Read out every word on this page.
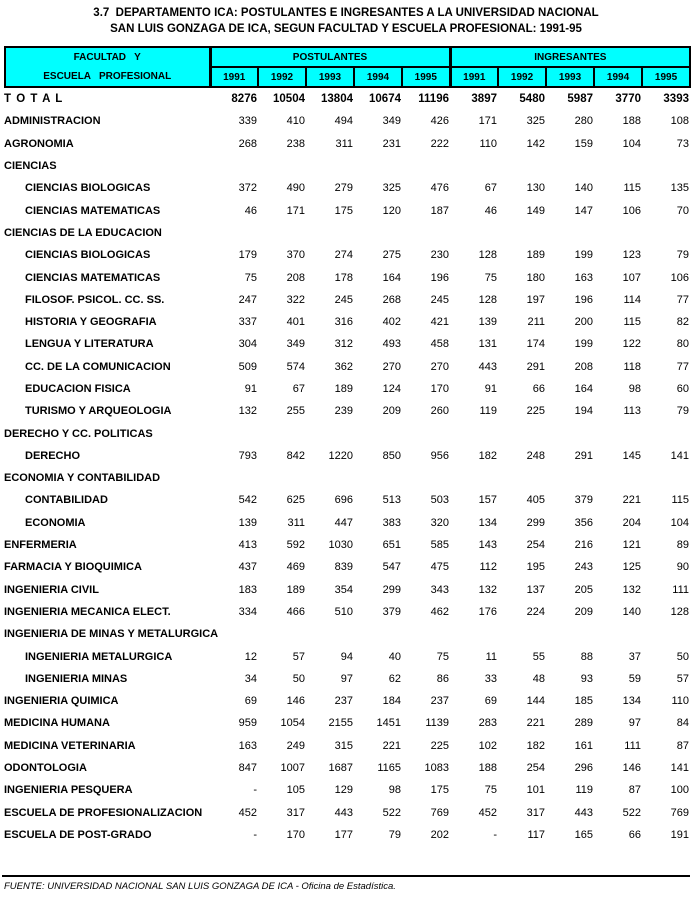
3.7  DEPARTAMENTO ICA: POSTULANTES E INGRESANTES A LA UNIVERSIDAD NACIONAL
SAN LUIS GONZAGA DE ICA, SEGUN FACULTAD Y ESCUELA PROFESIONAL: 1991-95
FACULTAD   Y
ESCUELA   PROFESIONAL	POSTULANTES					INGRESANTES				
	1991	1992	1993	1994	1995	1991	1992	1993	1994	1995
T O T A L	8276	10504	13804	10674	11196	3897	5480	5987	3770	3393
ADMINISTRACION	339	410	494	349	426	171	325	280	188	108
AGRONOMIA	268	238	311	231	222	110	142	159	104	73
CIENCIAS										
CIENCIAS BIOLOGICAS	372	490	279	325	476	67	130	140	115	135
CIENCIAS MATEMATICAS	46	171	175	120	187	46	149	147	106	70
CIENCIAS DE LA EDUCACION										
CIENCIAS BIOLOGICAS	179	370	274	275	230	128	189	199	123	79
CIENCIAS MATEMATICAS	75	208	178	164	196	75	180	163	107	106
FILOSOF. PSICOL. CC. SS.	247	322	245	268	245	128	197	196	114	77
HISTORIA Y GEOGRAFIA	337	401	316	402	421	139	211	200	115	82
LENGUA Y LITERATURA	304	349	312	493	458	131	174	199	122	80
CC. DE LA COMUNICACION	509	574	362	270	270	443	291	208	118	77
EDUCACION FISICA	91	67	189	124	170	91	66	164	98	60
TURISMO Y ARQUEOLOGIA	132	255	239	209	260	119	225	194	113	79
DERECHO Y CC. POLITICAS										
DERECHO	793	842	1220	850	956	182	248	291	145	141
ECONOMIA Y CONTABILIDAD										
CONTABILIDAD	542	625	696	513	503	157	405	379	221	115
ECONOMIA	139	311	447	383	320	134	299	356	204	104
ENFERMERIA	413	592	1030	651	585	143	254	216	121	89
FARMACIA Y BIOQUIMICA	437	469	839	547	475	112	195	243	125	90
INGENIERIA CIVIL	183	189	354	299	343	132	137	205	132	111
INGENIERIA MECANICA ELECT.	334	466	510	379	462	176	224	209	140	128
INGENIERIA DE MINAS Y METALURGICA										
INGENIERIA METALURGICA	12	57	94	40	75	11	55	88	37	50
INGENIERIA MINAS	34	50	97	62	86	33	48	93	59	57
INGENIERIA QUIMICA	69	146	237	184	237	69	144	185	134	110
MEDICINA HUMANA	959	1054	2155	1451	1139	283	221	289	97	84
MEDICINA VETERINARIA	163	249	315	221	225	102	182	161	111	87
ODONTOLOGIA	847	1007	1687	1165	1083	188	254	296	146	141
INGENIERIA PESQUERA	-	105	129	98	175	75	101	119	87	100
ESCUELA DE PROFESIONALIZACION	452	317	443	522	769	452	317	443	522	769
ESCUELA DE POST-GRADO	-	170	177	79	202	-	117	165	66	191
FUENTE: UNIVERSIDAD NACIONAL SAN LUIS GONZAGA DE ICA - Oficina de Estadística.
